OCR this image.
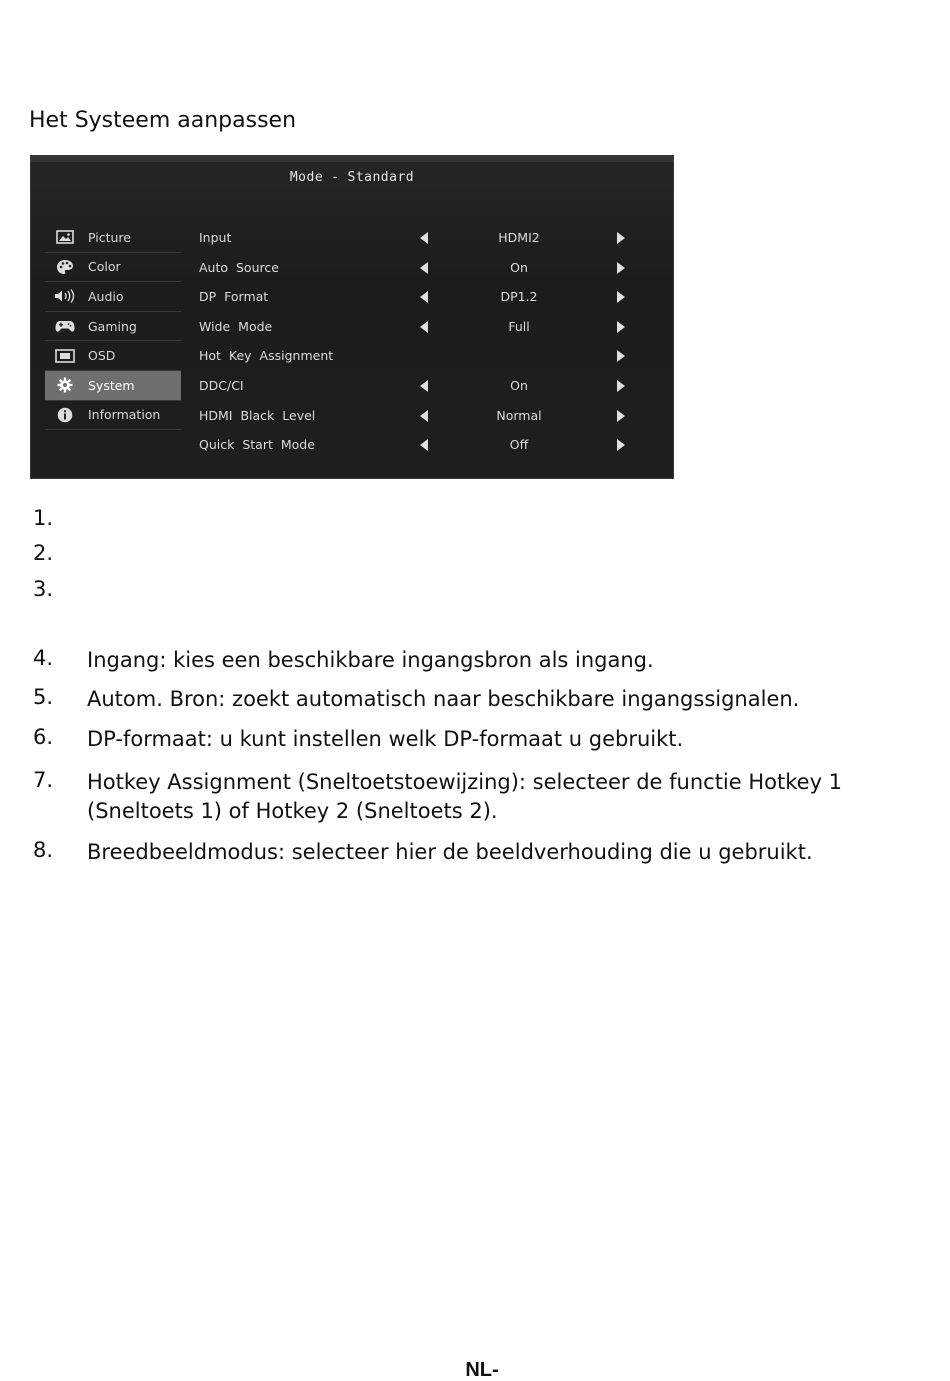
Het Systeem aanpassen
Mode - Standard
Picture
Color
Audio
Gaming
OSD
System
Information
Input	HDMI2
Auto Source	On
DP Format	DP1.2
Wide Mode	Full
Hot Key Assignment
DDC/CI	On
HDMI Black Level	Normal
Quick Start Mode	Off
1.
2.
3.
4. Ingang: kies een beschikbare ingangsbron als ingang.
5. Autom. Bron: zoekt automatisch naar beschikbare ingangssignalen.
6. DP-formaat: u kunt instellen welk DP-formaat u gebruikt.
7. Hotkey Assignment (Sneltoetstoewijzing): selecteer de functie Hotkey 1 (Sneltoets 1) of Hotkey 2 (Sneltoets 2).
8. Breedbeeldmodus: selecteer hier de beeldverhouding die u gebruikt.
NL-
